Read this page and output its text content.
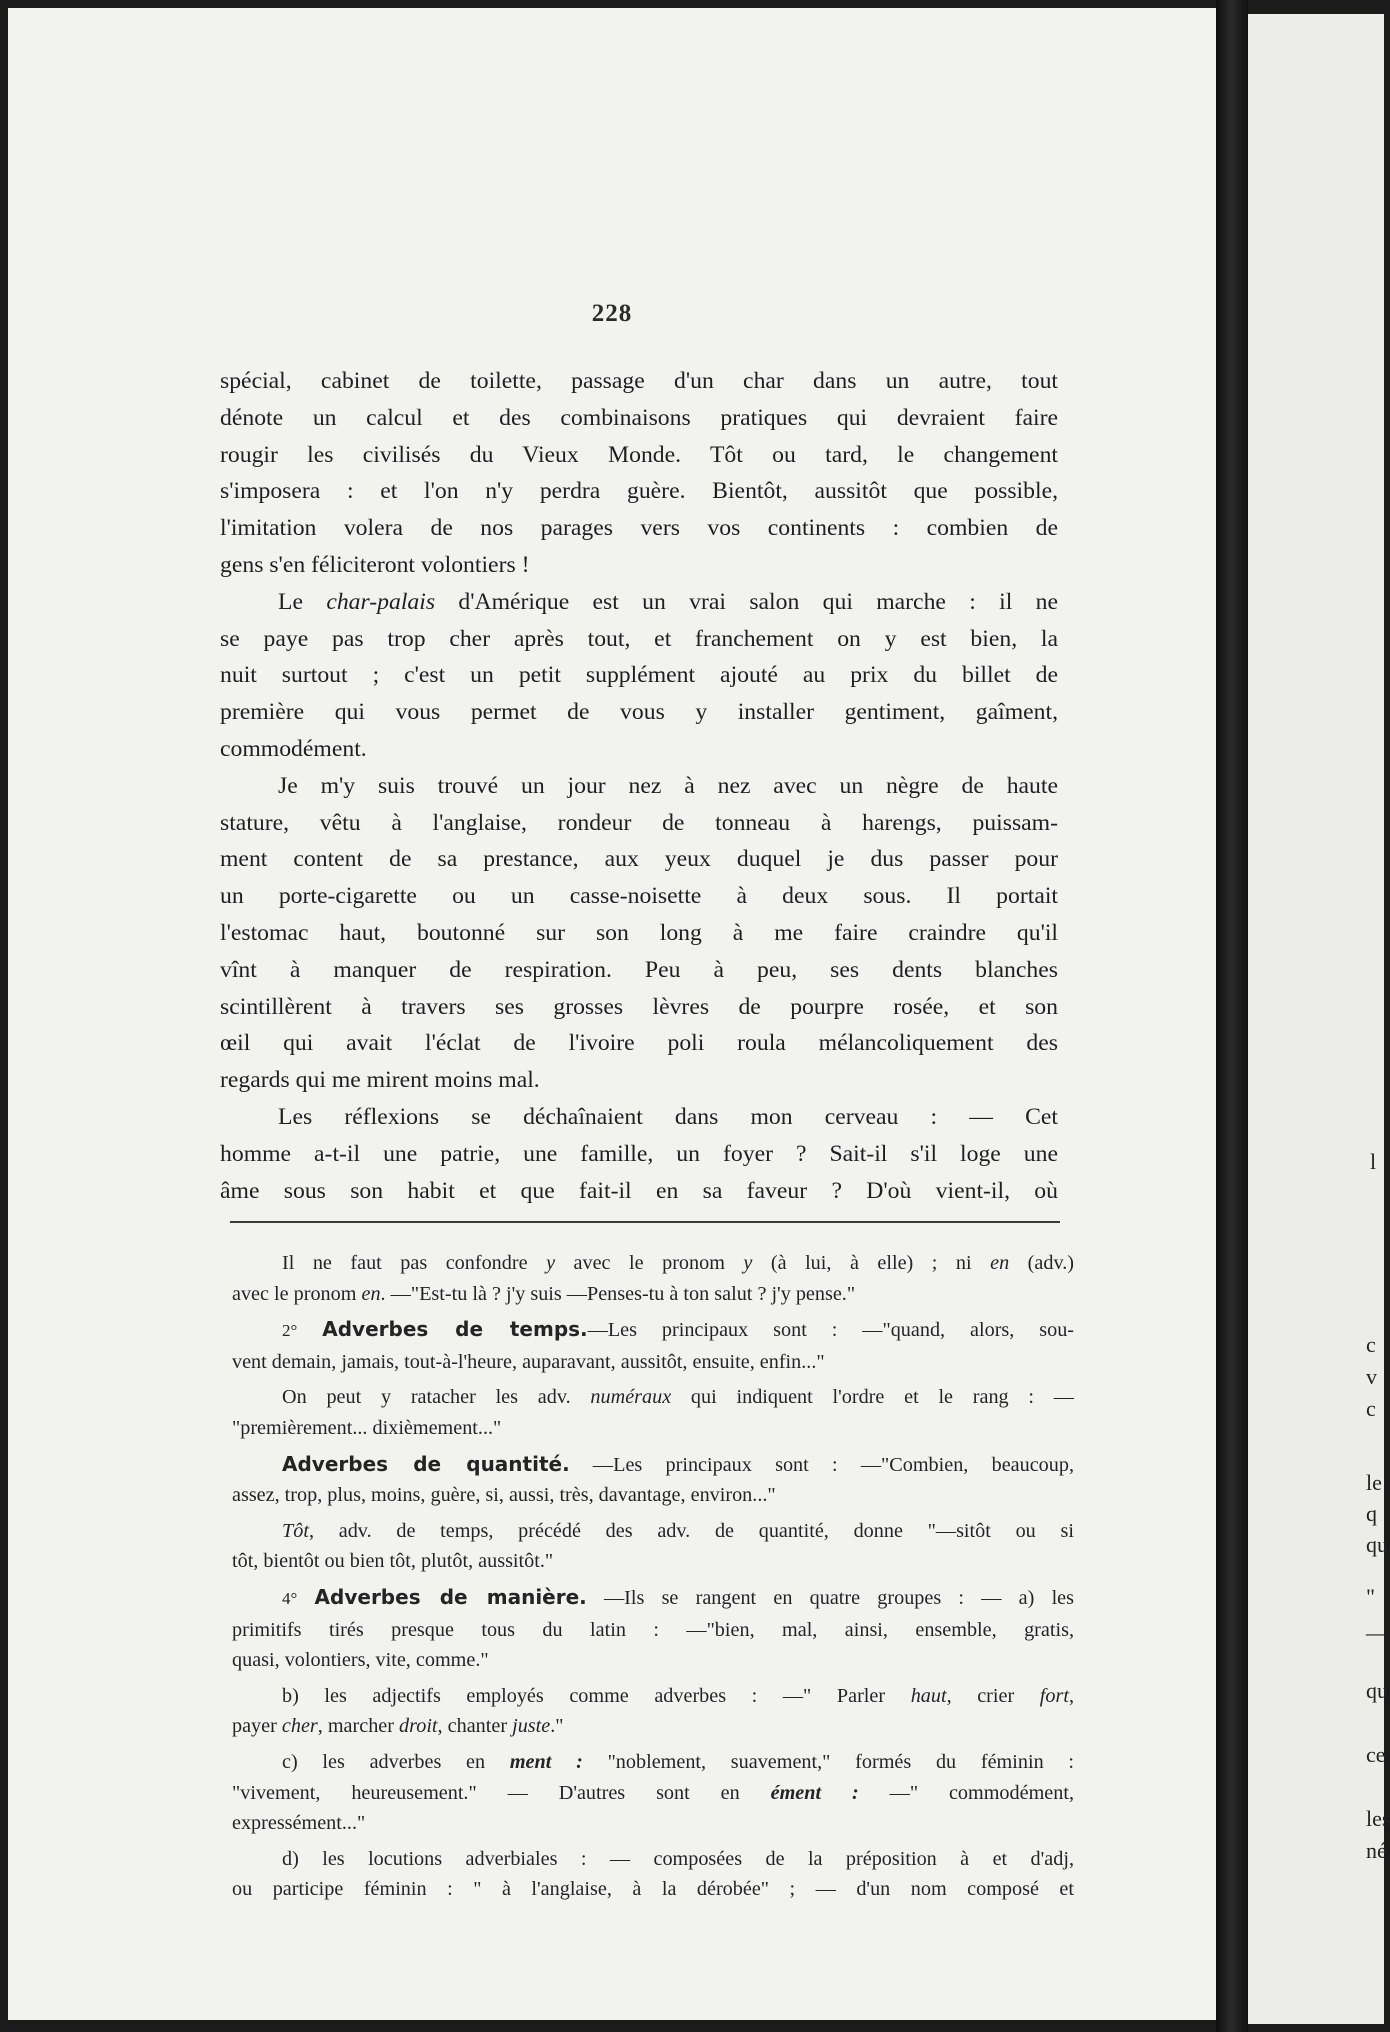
228

spécial, cabinet de toilette, passage d'un char dans un autre, tout
dénote un calcul et des combinaisons pratiques qui devraient faire
rougir les civilisés du Vieux Monde. Tôt ou tard, le changement
s'imposera : et l'on n'y perdra guère. Bientôt, aussitôt que possible,
l'imitation volera de nos parages vers vos continents : combien de
gens s'en féliciteront volontiers !

Le char-palais d'Amérique est un vrai salon qui marche : il ne
se paye pas trop cher après tout, et franchement on y est bien, la
nuit surtout ; c'est un petit supplément ajouté au prix du billet de
première qui vous permet de vous y installer gentiment, gaîment,
commodément.

Je m'y suis trouvé un jour nez à nez avec un nègre de haute
stature, vêtu à l'anglaise, rondeur de tonneau à harengs, puissam-
ment content de sa prestance, aux yeux duquel je dus passer pour
un porte-cigarette ou un casse-noisette à deux sous. Il portait
l'estomac haut, boutonné sur son long à me faire craindre qu'il
vînt à manquer de respiration. Peu à peu, ses dents blanches
scintillèrent à travers ses grosses lèvres de pourpre rosée, et son
œil qui avait l'éclat de l'ivoire poli roula mélancoliquement des
regards qui me mirent moins mal.

Les réflexions se déchaînaient dans mon cerveau : — Cet
homme a-t-il une patrie, une famille, un foyer ? Sait-il s'il loge une
âme sous son habit et que fait-il en sa faveur ? D'où vient-il, où

Il ne faut pas confondre y avec le pronom y (à lui, à elle) ; ni en (adv.)
avec le pronom en. —"Est-tu là ? j'y suis —Penses-tu à ton salut ? j'y pense."

2° Adverbes de temps.—Les principaux sont : —"quand, alors, sou-
vent demain, jamais, tout-à-l'heure, auparavant, aussitôt, ensuite, enfin..."

On peut y ratacher les adv. numéraux qui indiquent l'ordre et le rang : —
"premièrement... dixièmement..."

Adverbes de quantité. —Les principaux sont : —"Combien, beaucoup,
assez, trop, plus, moins, guère, si, aussi, très, davantage, environ..."

Tôt, adv. de temps, précédé des adv. de quantité, donne "—sitôt ou si
tôt, bientôt ou bien tôt, plutôt, aussitôt."

4° Adverbes de manière. —Ils se rangent en quatre groupes : — a) les
primitifs tirés presque tous du latin : —"bien, mal, ainsi, ensemble, gratis,
quasi, volontiers, vite, comme."

b) les adjectifs employés comme adverbes : —" Parler haut, crier fort,
payer cher, marcher droit, chanter juste."

c) les adverbes en ment : "noblement, suavement," formés du féminin :
"vivement, heureusement." — D'autres sont en ément : —" commodément,
expressément..."

d) les locutions adverbiales : — composées de la préposition à et d'adj,
ou participe féminin : " à l'anglaise, à la dérobée" ; — d'un nom composé et

l
c
v
c
le
q
qu
"
—
qu
ce
les
né
